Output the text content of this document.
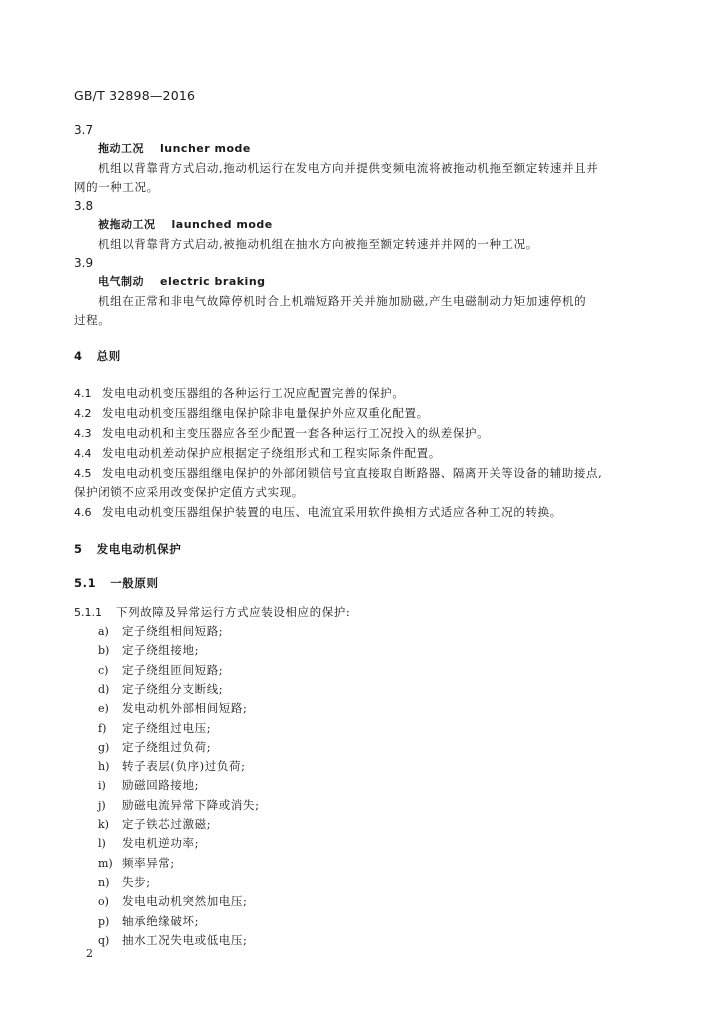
GB/T 32898—2016
3.7
拖动工况 luncher mode
机组以背靠背方式启动,拖动机运行在发电方向并提供变频电流将被拖动机拖至额定转速并且并
网的一种工况。
3.8
被拖动工况 launched mode
机组以背靠背方式启动,被拖动机组在抽水方向被拖至额定转速并并网的一种工况。
3.9
电气制动 electric braking
机组在正常和非电气故障停机时合上机端短路开关并施加励磁,产生电磁制动力矩加速停机的
过程。
4 总则
4.1 发电电动机变压器组的各种运行工况应配置完善的保护。
4.2 发电电动机变压器组继电保护除非电量保护外应双重化配置。
4.3 发电电动机和主变压器应各至少配置一套各种运行工况投入的纵差保护。
4.4 发电电动机差动保护应根据定子绕组形式和工程实际条件配置。
4.5 发电电动机变压器组继电保护的外部闭锁信号宜直接取自断路器、隔离开关等设备的辅助接点,
保护闭锁不应采用改变保护定值方式实现。
4.6 发电电动机变压器组保护装置的电压、电流宜采用软件换相方式适应各种工况的转换。
5 发电电动机保护
5.1 一般原则
5.1.1 下列故障及异常运行方式应装设相应的保护:
a) 定子绕组相间短路;
b) 定子绕组接地;
c) 定子绕组匝间短路;
d) 定子绕组分支断线;
e) 发电动机外部相间短路;
f) 定子绕组过电压;
g) 定子绕组过负荷;
h) 转子表层(负序)过负荷;
i) 励磁回路接地;
j) 励磁电流异常下降或消失;
k) 定子铁芯过激磁;
l) 发电机逆功率;
m) 频率异常;
n) 失步;
o) 发电电动机突然加电压;
p) 轴承绝缘破坏;
q) 抽水工况失电或低电压;
2
